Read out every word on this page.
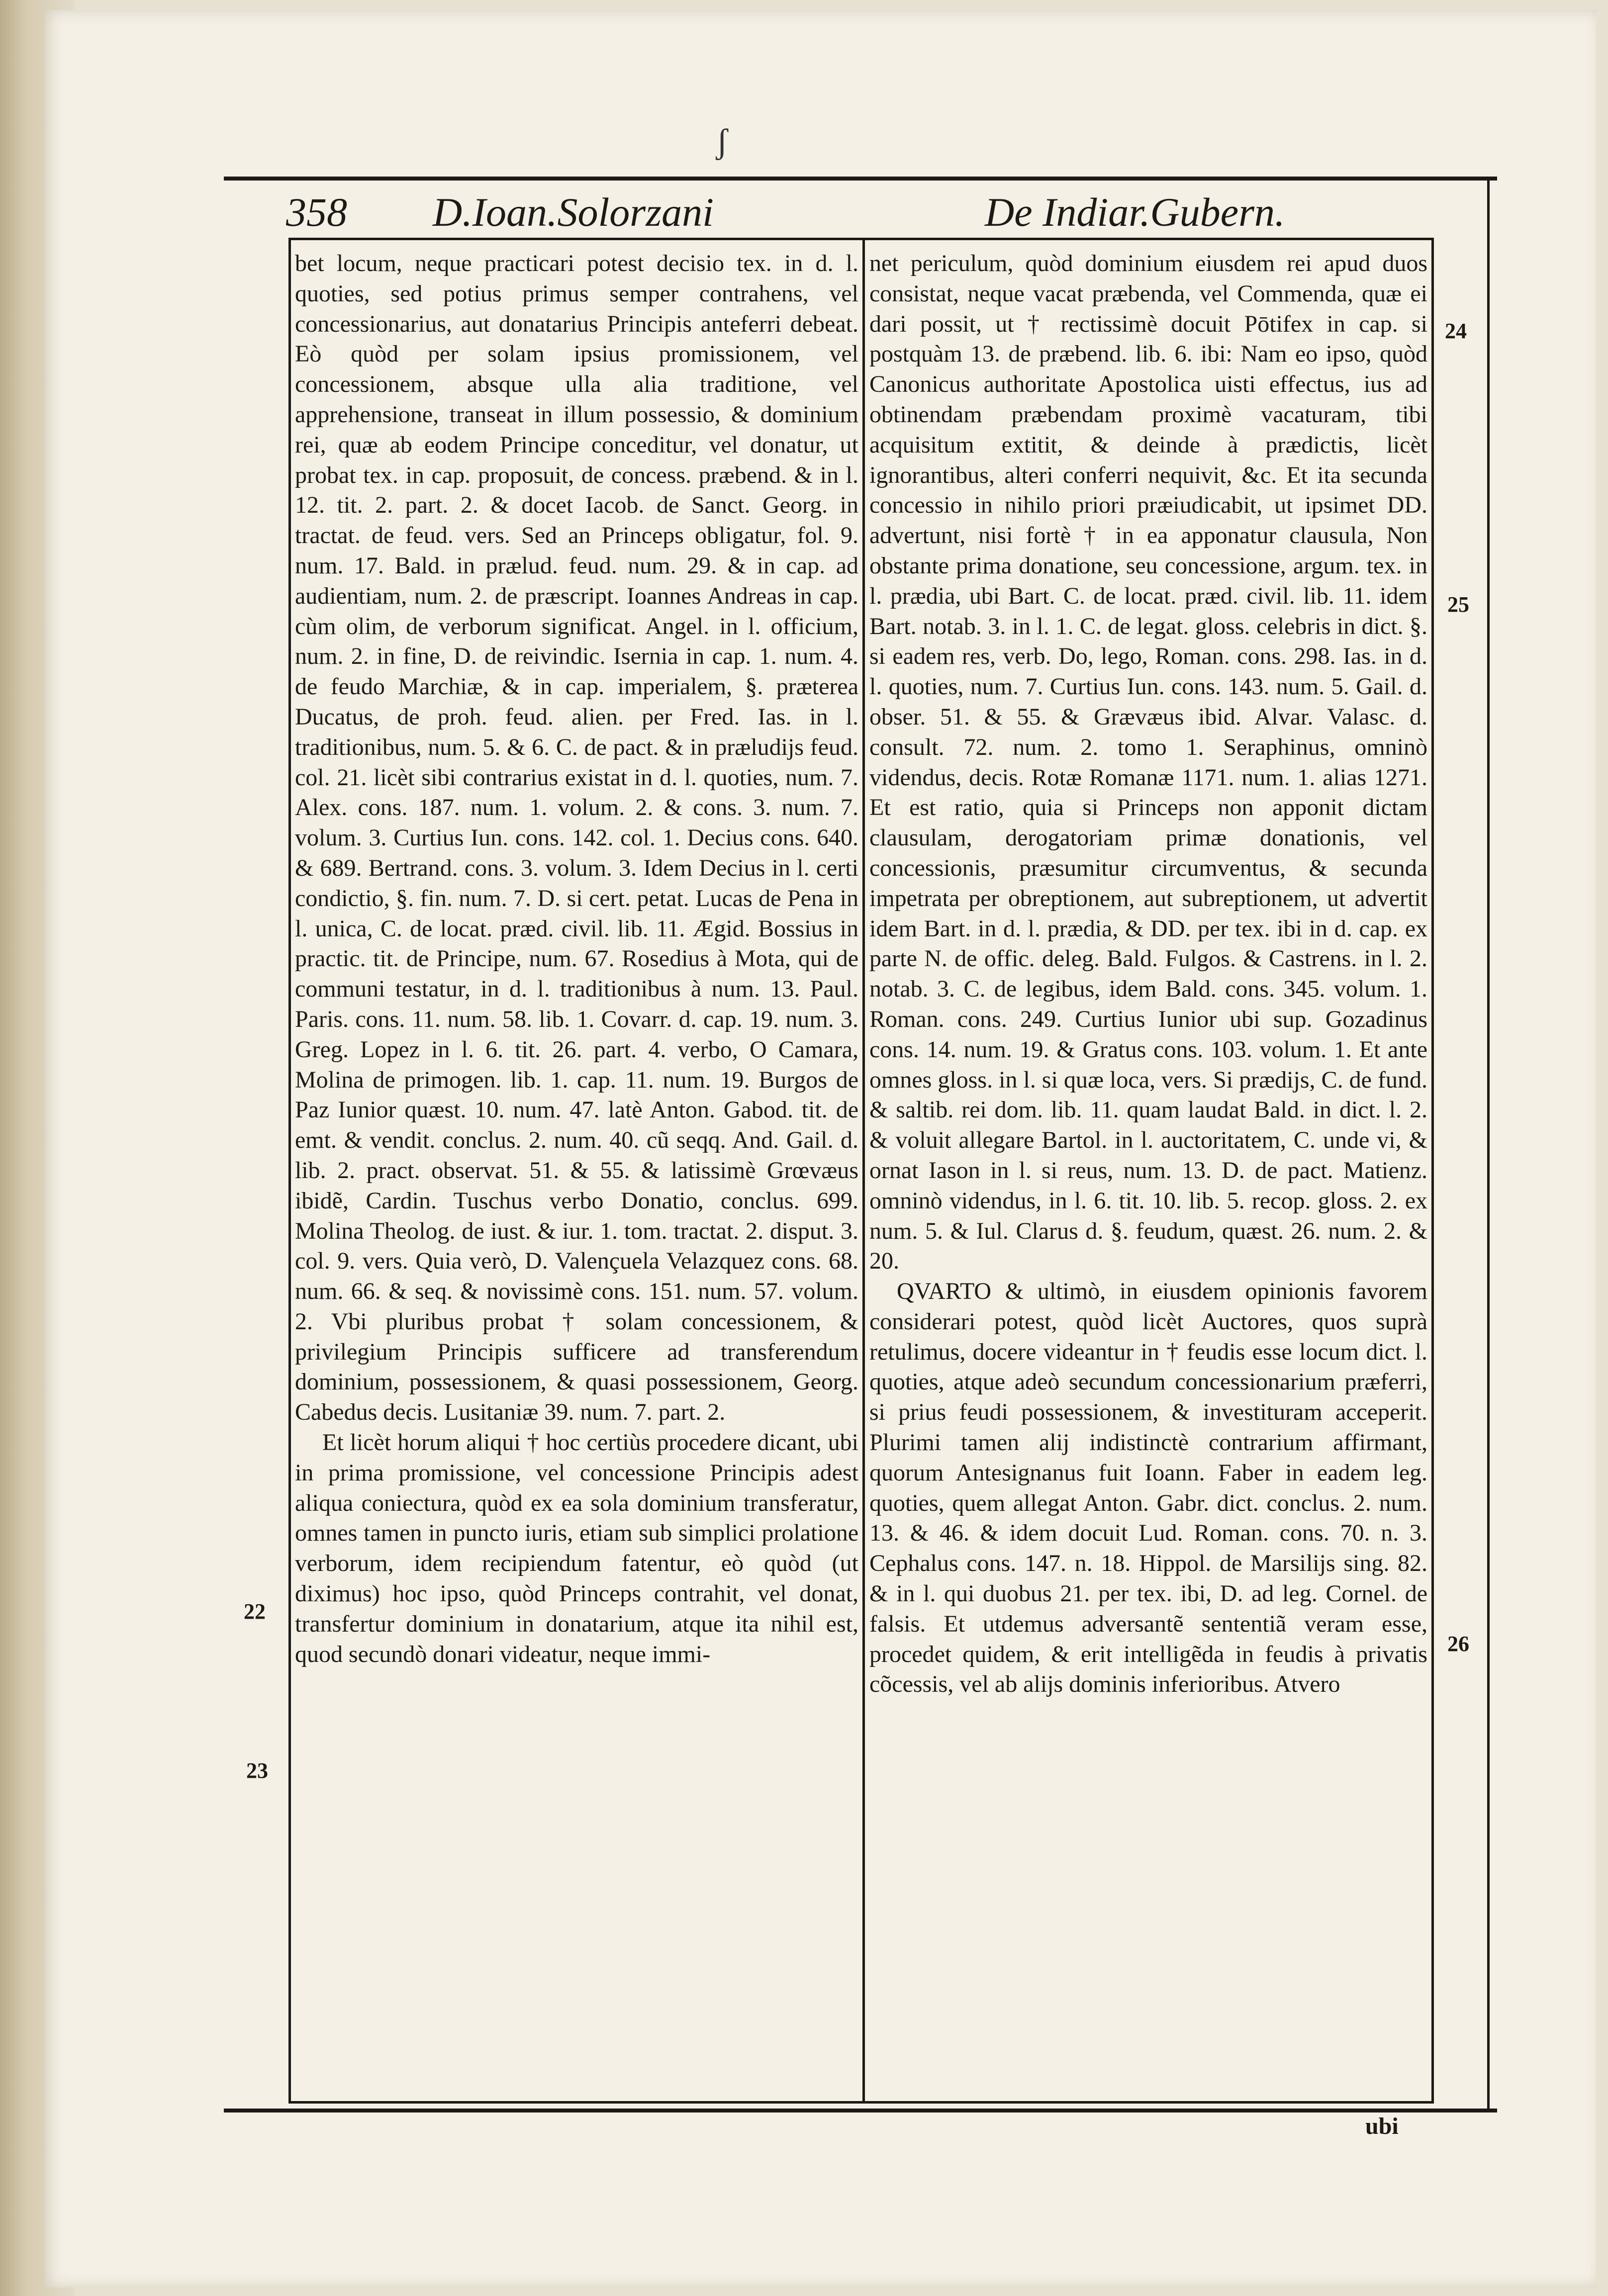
358 D.Ioan.Solorzani	De Indiar.Gubern.

bet locum, neque practicari potest decisio tex. in d. l. quoties, sed potius primus semper contrahens, vel concessionarius, aut donatarius Principis anteferri debeat. Eò quòd per solam ipsius promissionem, vel concessionem, absque ulla alia traditione, vel apprehensione, transeat in illum possessio, & dominium rei, quæ ab eodem Principe conceditur, vel donatur, ut probat tex. in cap. proposuit, de concess. præbend. & in l. 12. tit. 2. part. 2. & docet Iacob. de Sanct. Georg. in tractat. de feud. vers. Sed an Princeps obligatur, fol. 9. num. 17. Bald. in prælud. feud. num. 29. & in cap. ad audientiam, num. 2. de præscript. Ioannes Andreas in cap. cùm olim, de verborum significat. Angel. in l. officium, num. 2. in fine, D. de reivindic. Isernia in cap. 1. num. 4. de feudo Marchiæ, & in cap. imperialem, §. præterea Ducatus, de proh. feud. alien. per Fred. Ias. in l. traditionibus, num. 5. & 6. C. de pact. & in præludijs feud. col. 21. licèt sibi contrarius existat in d. l. quoties, num. 7. Alex. cons. 187. num. 1. volum. 2. & cons. 3. num. 7. volum. 3. Curtius Iun. cons. 142. col. 1. Decius cons. 640. & 689. Bertrand. cons. 3. volum. 3. Idem Decius in l. certi condictio, §. fin. num. 7. D. si cert. petat. Lucas de Pena in l. unica, C. de locat. præd. civil. lib. 11. Ægid. Bossius in practic. tit. de Principe, num. 67. Rosedius à Mota, qui de communi testatur, in d. l. traditionibus à num. 13. Paul. Paris. cons. 11. num. 58. lib. 1. Covarr. d. cap. 19. num. 3. Greg. Lopez in l. 6. tit. 26. part. 4. verbo, O Camara, Molina de primogen. lib. 1. cap. 11. num. 19. Burgos de Paz Iunior quæst. 10. num. 47. latè Anton. Gabod. tit. de emt. & vendit. conclus. 2. num. 40. cũ seqq. And. Gail. d. lib. 2. pract. observat. 51. & 55. & latissimè Grœvæus ibidẽ, Cardin. Tuschus verbo Donatio, conclus. 699. Molina Theolog. de iust. & iur. 1. tom. tractat. 2. disput. 3. col. 9. vers. Quia verò, D. Valençuela Velazquez cons. 68. num. 66. & seq. & novissimè cons. 151. num. 57. volum. 2. Vbi pluribus probat † solam concessionem, & privilegium Principis sufficere ad transferendum dominium, possessionem, & quasi possessionem, Georg. Cabedus decis. Lusitaniæ 39. num. 7. part. 2.

Et licèt horum aliqui † hoc certiùs procedere dicant, ubi in prima promissione, vel concessione Principis adest aliqua coniectura, quòd ex ea sola dominium transferatur, omnes tamen in puncto iuris, etiam sub simplici prolatione verborum, idem recipiendum fatentur, eò quòd (ut diximus) hoc ipso, quòd Princeps contrahit, vel donat, transfertur dominium in donatarium, atque ita nihil est, quod secundò donari videatur, neque immi-

net periculum, quòd dominium eiusdem rei apud duos consistat, neque vacat præbenda, vel Commenda, quæ ei dari possit, ut † rectissimè docuit Pōtifex in cap. si postquàm 13. de præbend. lib. 6. ibi: Nam eo ipso, quòd Canonicus authoritate Apostolica uisti effectus, ius ad obtinendam præbendam proximè vacaturam, tibi acquisitum extitit, & deinde à prædictis, licèt ignorantibus, alteri conferri nequivit, &c. Et ita secunda concessio in nihilo priori præiudicabit, ut ipsimet DD. advertunt, nisi fortè † in ea apponatur clausula, Non obstante prima donatione, seu concessione, argum. tex. in l. prædia, ubi Bart. C. de locat. præd. civil. lib. 11. idem Bart. notab. 3. in l. 1. C. de legat. gloss. celebris in dict. §. si eadem res, verb. Do, lego, Roman. cons. 298. Ias. in d. l. quoties, num. 7. Curtius Iun. cons. 143. num. 5. Gail. d. obser. 51. & 55. & Grævæus ibid. Alvar. Valasc. d. consult. 72. num. 2. tomo 1. Seraphinus, omninò videndus, decis. Rotæ Romanæ 1171. num. 1. alias 1271. Et est ratio, quia si Princeps non apponit dictam clausulam, derogatoriam primæ donationis, vel concessionis, præsumitur circumventus, & secunda impetrata per obreptionem, aut subreptionem, ut advertit idem Bart. in d. l. prædia, & DD. per tex. ibi in d. cap. ex parte N. de offic. deleg. Bald. Fulgos. & Castrens. in l. 2. notab. 3. C. de legibus, idem Bald. cons. 345. volum. 1. Roman. cons. 249. Curtius Iunior ubi sup. Gozadinus cons. 14. num. 19. & Gratus cons. 103. volum. 1. Et ante omnes gloss. in l. si quæ loca, vers. Si prædijs, C. de fund. & saltib. rei dom. lib. 11. quam laudat Bald. in dict. l. 2. & voluit allegare Bartol. in l. auctoritatem, C. unde vi, & ornat Iason in l. si reus, num. 13. D. de pact. Matienz. omninò videndus, in l. 6. tit. 10. lib. 5. recop. gloss. 2. ex num. 5. & Iul. Clarus d. §. feudum, quæst. 26. num. 2. & 20.

QVARTO & ultimò, in eiusdem opinionis favorem considerari potest, quòd licèt Auctores, quos suprà retulimus, docere videantur in † feudis esse locum dict. l. quoties, atque adeò secundum concessionarium præferri, si prius feudi possessionem, & investituram acceperit. Plurimi tamen alij indistinctè contrarium affirmant, quorum Antesignanus fuit Ioann. Faber in eadem leg. quoties, quem allegat Anton. Gabr. dict. conclus. 2. num. 13. & 46. & idem docuit Lud. Roman. cons. 70. n. 3. Cephalus cons. 147. n. 18. Hippol. de Marsilijs sing. 82. & in l. qui duobus 21. per tex. ibi, D. ad leg. Cornel. de falsis. Et utdemus adversantẽ sententiã veram esse, procedet quidem, & erit intelligẽda in feudis à privatis cõcessis, vel ab alijs dominis inferioribus. Atvero

22
23
24
25
26
ubi
ʃ
